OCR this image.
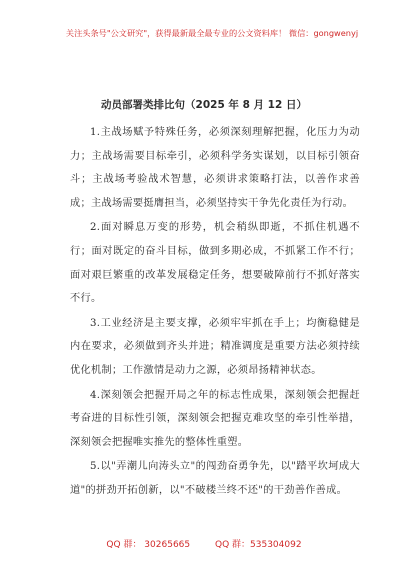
关注头条号"公文研究"，获得最新最全最专业的公文资料库！ 微信：gongwenyj
动员部署类排比句（2025 年 8 月 12 日）

1.主战场赋予特殊任务，必须深刻理解把握，化压力为动力；主战场需要目标牵引，必须科学务实谋划，以目标引领奋斗；主战场考验战术智慧，必须讲求策略打法，以善作求善成；主战场需要挺膺担当，必须坚持实干争先化责任为行动。

2.面对瞬息万变的形势，机会稍纵即逝，不抓住机遇不行；面对既定的奋斗目标，做到多期必成，不抓紧工作不行；面对艰巨繁重的改革发展稳定任务，想要破障前行不抓好落实不行。

3.工业经济是主要支撑，必须牢牢抓在手上；均衡稳健是内在要求，必须做到齐头并进；精准调度是重要方法必须持续优化机制；工作激情是动力之源，必须昂扬精神状态。

4.深刻领会把握开局之年的标志性成果，深刻领会把握赶考奋进的目标性引领，深刻领会把握克难攻坚的牵引性举措，深刻领会把握唯实推先的整体性重塑。

5.以"弄潮儿向涛头立"的闯劲奋勇争先，以"踏平坎坷成大道"的拼劲开拓创新，以"不破楼兰终不还"的干劲善作善成。

QQ 群： 30265665	QQ 群：535304092
